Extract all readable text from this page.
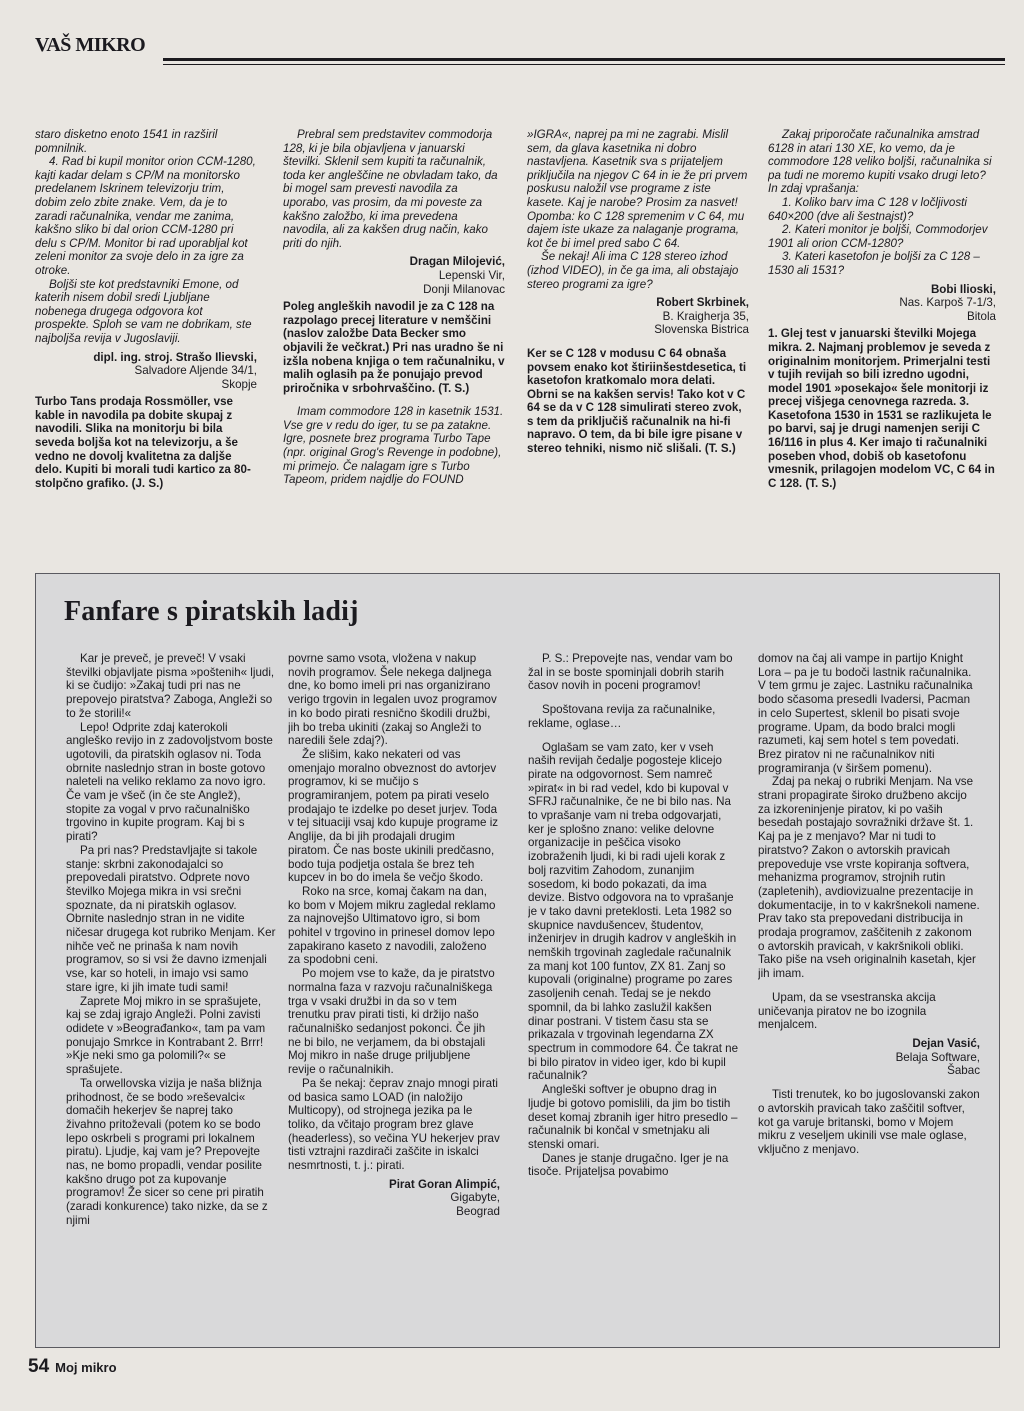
VAŠ MIKRO

staro disketno enoto 1541 in razširil pomnilnik.

4. Rad bi kupil monitor orion CCM-1280, kajti kadar delam s CP/M na monitorsko predelanem Iskrinem televizorju trim, dobim zelo zbite znake. Vem, da je to zaradi računalnika, vendar me zanima, kakšno sliko bi dal orion CCM-1280 pri delu s CP/M. Monitor bi rad uporabljal kot zeleni monitor za svoje delo in za igre za otroke.

Boljši ste kot predstavniki Emone, od katerih nisem dobil sredi Ljubljane nobenega drugega odgovora kot prospekte. Sploh se vam ne dobrikam, ste najboljša revija v Jugoslaviji.

dipl. ing. stroj. Strašo Ilievski,
Salvadore Aljende 34/1,
Skopje

Turbo Tans prodaja Rossmöller, vse kable in navodila pa dobite skupaj z navodili. Slika na monitorju bi bila seveda boljša kot na televizorju, a še vedno ne dovolj kvalitetna za daljše delo. Kupiti bi morali tudi kartico za 80-stolpčno grafiko. (J. S.)

Prebral sem predstavitev commodorja 128, ki je bila objavljena v januarski številki. Sklenil sem kupiti ta računalnik, toda ker angleščine ne obvladam tako, da bi mogel sam prevesti navodila za uporabo, vas prosim, da mi poveste za kakšno založbo, ki ima prevedena navodila, ali za kakšen drug način, kako priti do njih.

Dragan Milojević,
Lepenski Vir,
Donji Milanovac

Poleg angleških navodil je za C 128 na razpolago precej literature v nemščini (naslov založbe Data Becker smo objavili že večkrat.) Pri nas uradno še ni izšla nobena knjiga o tem računalniku, v malih oglasih pa že ponujajo prevod priročnika v srbohrvaščino. (T. S.)

Imam commodore 128 in kasetnik 1531. Vse gre v redu do iger, tu se pa zatakne. Igre, posnete brez programa Turbo Tape (npr. original Grog's Revenge in podobne), mi primejo. Če nalagam igre s Turbo Tapeom, pridem najdlje do FOUND

»IGRA«, naprej pa mi ne zagrabi. Mislil sem, da glava kasetnika ni dobro nastavljena. Kasetnik sva s prijateljem priključila na njegov C 64 in ie že pri prvem poskusu naložil vse programe z iste kasete. Kaj je narobe? Prosim za nasvet! Opomba: ko C 128 spremenim v C 64, mu dajem iste ukaze za nalaganje programa, kot če bi imel pred sabo C 64.

Še nekaj! Ali ima C 128 stereo izhod (izhod VIDEO), in če ga ima, ali obstajajo stereo programi za igre?

Robert Skrbinek,
B. Kraigherja 35,
Slovenska Bistrica

Ker se C 128 v modusu C 64 obnaša povsem enako kot štiriinšestdesetica, ti kasetofon kratkomalo mora delati. Obrni se na kakšen servis! Tako kot v C 64 se da v C 128 simulirati stereo zvok, s tem da priključiš računalnik na hi-fi napravo. O tem, da bi bile igre pisane v stereo tehniki, nismo nič slišali. (T. S.)

Zakaj priporočate računalnika amstrad 6128 in atari 130 XE, ko vemo, da je commodore 128 veliko boljši, računalnika si pa tudi ne moremo kupiti vsako drugi leto? In zdaj vprašanja:

1. Koliko barv ima C 128 v ločljivosti 640×200 (dve ali šestnajst)?

2. Kateri monitor je boljši, Commodorjev 1901 ali orion CCM-1280?

3. Kateri kasetofon je boljši za C 128 – 1530 ali 1531?

Bobi Ilioski,
Nas. Karpoš 7-1/3,
Bitola

1. Glej test v januarski številki Mojega mikra. 2. Najmanj problemov je seveda z originalnim monitorjem. Primerjalni testi v tujih revijah so bili izredno ugodni, model 1901 »posekajo« šele monitorji iz precej višjega cenovnega razreda. 3. Kasetofona 1530 in 1531 se razlikujeta le po barvi, saj je drugi namenjen seriji C 16/116 in plus 4. Ker imajo ti računalniki poseben vhod, dobiš ob kasetofonu vmesnik, prilagojen modelom VC, C 64 in C 128. (T. S.)

Fanfare s piratskih ladij

Kar je preveč, je preveč! V vsaki številki objavljate pisma »poštenih« ljudi, ki se čudijo: »Zakaj tudi pri nas ne prepovejo piratstva? Zaboga, Angleži so to že storili!«

Lepo! Odprite zdaj katerokoli angleško revijo in z zadovoljstvom boste ugotovili, da piratskih oglasov ni. Toda obrnite naslednjo stran in boste gotovo naleteli na veliko reklamo za novo igro. Če vam je všeč (in če ste Anglež), stopite za vogal v prvo računalniško trgovino in kupite program. Kaj bi s pirati?

Pa pri nas? Predstavljajte si takole stanje: skrbni zakonodajalci so prepovedali piratstvo. Odprete novo številko Mojega mikra in vsi srečni spoznate, da ni piratskih oglasov. Obrnite naslednjo stran in ne vidite ničesar drugega kot rubriko Menjam. Ker nihče več ne prinaša k nam novih programov, so si vsi že davno izmenjali vse, kar so hoteli, in imajo vsi samo stare igre, ki jih imate tudi sami!

Zaprete Moj mikro in se sprašujete, kaj se zdaj igrajo Angleži. Polni zavisti odidete v »Beograđanko«, tam pa vam ponujajo Smrkce in Kontrabant 2. Brrr! »Kje neki smo ga polomili?« se sprašujete.

Ta orwellovska vizija je naša bližnja prihodnost, če se bodo »reševalci« domačih hekerjev še naprej tako živahno pritoževali (potem ko se bodo lepo oskrbeli s programi pri lokalnem piratu). Ljudje, kaj vam je? Prepovejte nas, ne bomo propadli, vendar posilite kakšno drugo pot za kupovanje programov! Že sicer so cene pri piratih (zaradi konkurence) tako nizke, da se z njimi

povrne samo vsota, vložena v nakup novih programov. Šele nekega daljnega dne, ko bomo imeli pri nas organizirano verigo trgovin in legalen uvoz programov in ko bodo pirati resnično škodili družbi, jih bo treba ukiniti (zakaj so Angleži to naredili šele zdaj?).

Že slišim, kako nekateri od vas omenjajo moralno obveznost do avtorjev programov, ki se mučijo s programiranjem, potem pa pirati veselo prodajajo te izdelke po deset jurjev. Toda v tej situaciji vsaj kdo kupuje programe iz Anglije, da bi jih prodajali drugim piratom. Če nas boste ukinili predčasno, bodo tuja podjetja ostala še brez teh kupcev in bo do imela še večjo škodo.

Roko na srce, komaj čakam na dan, ko bom v Mojem mikru zagledal reklamo za najnovejšo Ultimatovo igro, si bom pohitel v trgovino in prinesel domov lepo zapakirano kaseto z navodili, založeno za spodobni ceni.

Po mojem vse to kaže, da je piratstvo normalna faza v razvoju računalniškega trga v vsaki družbi in da so v tem trenutku prav pirati tisti, ki držijo našo računalniško sedanjost pokonci. Če jih ne bi bilo, ne verjamem, da bi obstajali Moj mikro in naše druge priljubljene revije o računalnikih.

Pa še nekaj: čeprav znajo mnogi pirati od basica samo LOAD (in naložijo Multicopy), od strojnega jezika pa le toliko, da včitajo program brez glave (headerless), so večina YU hekerjev prav tisti vztrajni razdirači zaščite in iskalci nesmrtnosti, t. j.: pirati.

Pirat Goran Alimpić,
Gigabyte,
Beograd

P. S.: Prepovejte nas, vendar vam bo žal in se boste spominjali dobrih starih časov novih in poceni programov!

Spoštovana revija za računalnike, reklame, oglase…

Oglašam se vam zato, ker v vseh naših revijah čedalje pogosteje klicejo pirate na odgovornost. Sem namreč »pirat« in bi rad vedel, kdo bi kupoval v SFRJ računalnike, če ne bi bilo nas. Na to vprašanje vam ni treba odgovarjati, ker je splošno znano: velike delovne organizacije in peščica visoko izobraženih ljudi, ki bi radi ujeli korak z bolj razvitim Zahodom, zunanjim sosedom, ki bodo pokazati, da ima devize. Bistvo odgovora na to vprašanje je v tako davni preteklosti. Leta 1982 so skupnice navdušencev, študentov, inženirjev in drugih kadrov v angleških in nemških trgovinah zagledale računalnik za manj kot 100 funtov, ZX 81. Zanj so kupovali (originalne) programe po zares zasoljenih cenah. Tedaj se je nekdo spomnil, da bi lahko zaslužil kakšen dinar postrani. V tistem času sta se prikazala v trgovinah legendarna ZX spectrum in commodore 64. Če takrat ne bi bilo piratov in video iger, kdo bi kupil računalnik?

Angleški softver je obupno drag in ljudje bi gotovo pomislili, da jim bo tistih deset komaj zbranih iger hitro presedlo – računalnik bi končal v smetnjaku ali stenski omari.

Danes je stanje drugačno. Iger je na tisoče. Prijateljsa povabimo

domov na čaj ali vampe in partijo Knight Lora – pa je tu bodoči lastnik računalnika. V tem grmu je zajec. Lastniku računalnika bodo sčasoma presedli Ivadersi, Pacman in celo Supertest, sklenil bo pisati svoje programe. Upam, da bodo bralci mogli razumeti, kaj sem hotel s tem povedati. Brez piratov ni ne računalnikov niti programiranja (v širšem pomenu).

Zdaj pa nekaj o rubriki Menjam. Na vse strani propagirate široko družbeno akcijo za izkoreninjenje piratov, ki po vaših besedah postajajo sovražniki države št. 1. Kaj pa je z menjavo? Mar ni tudi to piratstvo? Zakon o avtorskih pravicah prepoveduje vse vrste kopiranja softvera, mehanizma programov, strojnih rutin (zapletenih), avdiovizualne prezentacije in dokumentacije, in to v kakršnekoli namene. Prav tako sta prepovedani distribucija in prodaja programov, zaščitenih z zakonom o avtorskih pravicah, v kakršnikoli obliki. Tako piše na vseh originalnih kasetah, kjer jih imam.

Upam, da se vsestranska akcija uničevanja piratov ne bo izognila menjalcem.

Dejan Vasić,
Belaja Software,
Šabac

Tisti trenutek, ko bo jugoslovanski zakon o avtorskih pravicah tako zaščitil softver, kot ga varuje britanski, bomo v Mojem mikru z veseljem ukinili vse male oglase, vključno z menjavo.

54 Moj mikro
